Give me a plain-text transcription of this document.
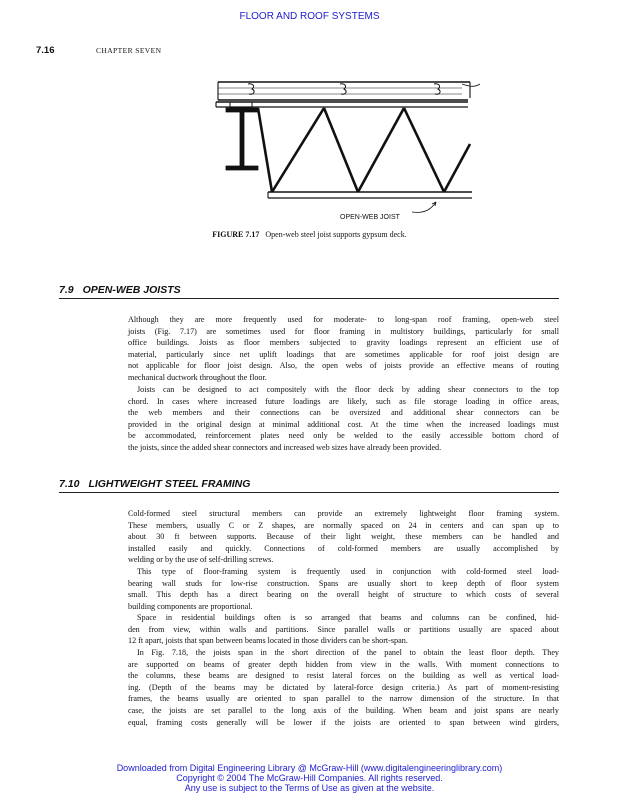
FLOOR AND ROOF SYSTEMS
7.16	CHAPTER SEVEN
OPEN-WEB JOIST
FIGURE 7.17 Open-web steel joist supports gypsum deck.
7.9 OPEN-WEB JOISTS
Although they are more frequently used for moderate- to long-span roof framing, open-web steel
joists (Fig. 7.17) are sometimes used for floor framing in multistory buildings, particularly for small
office buildings. Joists as floor members subjected to gravity loadings represent an efficient use of
material, particularly since net uplift loadings that are sometimes applicable for roof joist design are
not applicable for floor joist design. Also, the open webs of joists provide an effective means of routing
mechanical ductwork throughout the floor.
Joists can be designed to act compositely with the floor deck by adding shear connectors to the top
chord. In cases where increased future loadings are likely, such as file storage loading in office areas,
the web members and their connections can be oversized and additional shear connectors can be
provided in the original design at minimal additional cost. At the time when the increased loadings must
be accommodated, reinforcement plates need only be welded to the easily accessible bottom chord of
the joists, since the added shear connectors and increased web sizes have already been provided.
7.10 LIGHTWEIGHT STEEL FRAMING
Cold-formed steel structural members can provide an extremely lightweight floor framing system.
These members, usually C or Z shapes, are normally spaced on 24 in centers and can span up to
about 30 ft between supports. Because of their light weight, these members can be handled and
installed easily and quickly. Connections of cold-formed members are usually accomplished by
welding or by the use of self-drilling screws.
This type of floor-framing system is frequently used in conjunction with cold-formed steel load-
bearing wall studs for low-rise construction. Spans are usually short to keep depth of floor system
small. This depth has a direct bearing on the overall height of structure to which costs of several
building components are proportional.
Space in residential buildings often is so arranged that beams and columns can be confined, hid-
den from view, within walls and partitions. Since parallel walls or partitions usually are spaced about
12 ft apart, joists that span between beams located in those dividers can be short-span.
In Fig. 7.18, the joists span in the short direction of the panel to obtain the least floor depth. They
are supported on beams of greater depth hidden from view in the walls. With moment connections to
the columns, these beams are designed to resist lateral forces on the building as well as vertical load-
ing. (Depth of the beams may be dictated by lateral-force design criteria.) As part of moment-resisting
frames, the beams usually are oriented to span parallel to the narrow dimension of the structure. In that
case, the joists are set parallel to the long axis of the building. When beam and joist spans are nearly
equal, framing costs generally will be lower if the joists are oriented to span between wind girders,
Downloaded from Digital Engineering Library @ McGraw-Hill (www.digitalengineeringlibrary.com)
Copyright © 2004 The McGraw-Hill Companies. All rights reserved.
Any use is subject to the Terms of Use as given at the website.
